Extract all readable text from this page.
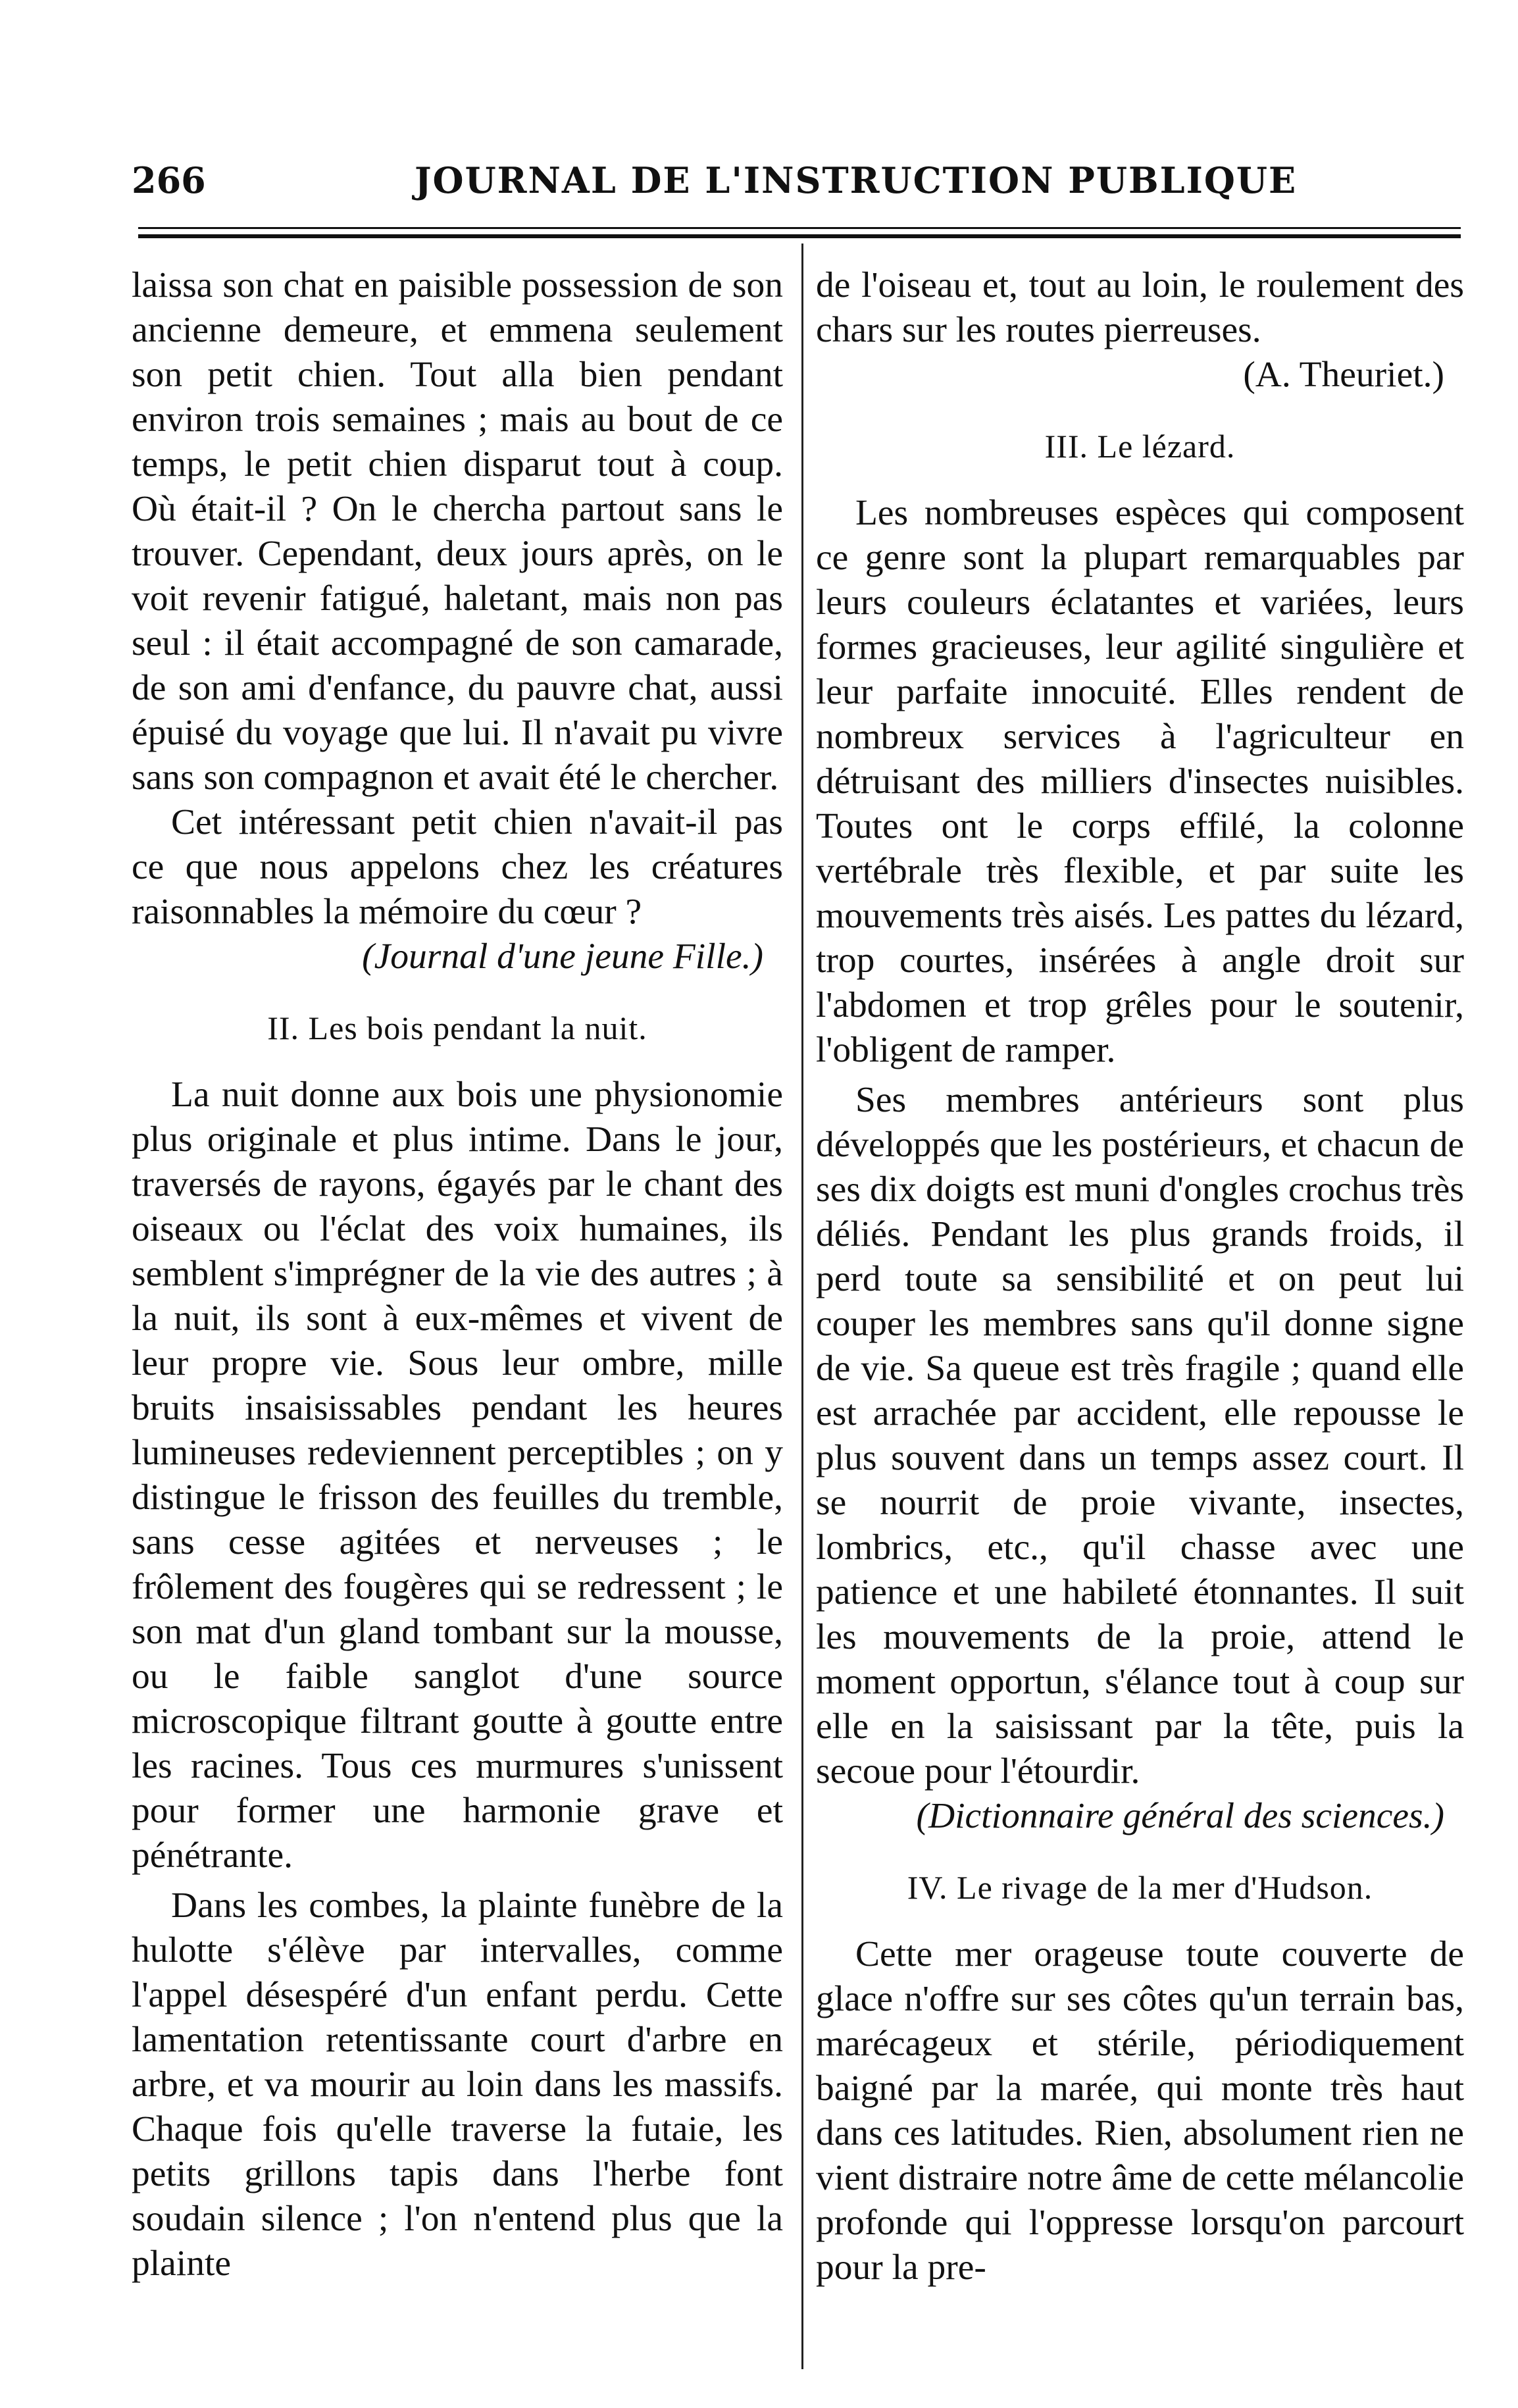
266	JOURNAL DE L'INSTRUCTION PUBLIQUE

laissa son chat en paisible possession de son ancienne demeure, et emmena seulement son petit chien. Tout alla bien pendant environ trois semaines ; mais au bout de ce temps, le petit chien disparut tout à coup. Où était-il ? On le chercha partout sans le trouver. Cependant, deux jours après, on le voit revenir fatigué, haletant, mais non pas seul : il était accompagné de son camarade, de son ami d'enfance, du pauvre chat, aussi épuisé du voyage que lui. Il n'avait pu vivre sans son compagnon et avait été le chercher.

Cet intéressant petit chien n'avait-il pas ce que nous appelons chez les créatures raisonnables la mémoire du cœur ?

(Journal d'une jeune Fille.)

II. Les bois pendant la nuit.

La nuit donne aux bois une physionomie plus originale et plus intime. Dans le jour, traversés de rayons, égayés par le chant des oiseaux ou l'éclat des voix humaines, ils semblent s'imprégner de la vie des autres ; à la nuit, ils sont à eux-mêmes et vivent de leur propre vie. Sous leur ombre, mille bruits insaisissables pendant les heures lumineuses redeviennent perceptibles ; on y distingue le frisson des feuilles du tremble, sans cesse agitées et nerveuses ; le frôlement des fougères qui se redressent ; le son mat d'un gland tombant sur la mousse, ou le faible sanglot d'une source microscopique filtrant goutte à goutte entre les racines. Tous ces murmures s'unissent pour former une harmonie grave et pénétrante.

Dans les combes, la plainte funèbre de la hulotte s'élève par intervalles, comme l'appel désespéré d'un enfant perdu. Cette lamentation retentissante court d'arbre en arbre, et va mourir au loin dans les massifs. Chaque fois qu'elle traverse la futaie, les petits grillons tapis dans l'herbe font soudain silence ; l'on n'entend plus que la plainte

de l'oiseau et, tout au loin, le roulement des chars sur les routes pierreuses.

(A. Theuriet.)

III. Le lézard.

Les nombreuses espèces qui composent ce genre sont la plupart remarquables par leurs couleurs éclatantes et variées, leurs formes gracieuses, leur agilité singulière et leur parfaite innocuité. Elles rendent de nombreux services à l'agriculteur en détruisant des milliers d'insectes nuisibles. Toutes ont le corps effilé, la colonne vertébrale très flexible, et par suite les mouvements très aisés. Les pattes du lézard, trop courtes, insérées à angle droit sur l'abdomen et trop grêles pour le soutenir, l'obligent de ramper.

Ses membres antérieurs sont plus développés que les postérieurs, et chacun de ses dix doigts est muni d'ongles crochus très déliés. Pendant les plus grands froids, il perd toute sa sensibilité et on peut lui couper les membres sans qu'il donne signe de vie. Sa queue est très fragile ; quand elle est arrachée par accident, elle repousse le plus souvent dans un temps assez court. Il se nourrit de proie vivante, insectes, lombrics, etc., qu'il chasse avec une patience et une habileté étonnantes. Il suit les mouvements de la proie, attend le moment opportun, s'élance tout à coup sur elle en la saisissant par la tête, puis la secoue pour l'étourdir.

(Dictionnaire général des sciences.)

IV. Le rivage de la mer d'Hudson.

Cette mer orageuse toute couverte de glace n'offre sur ses côtes qu'un terrain bas, marécageux et stérile, périodiquement baigné par la marée, qui monte très haut dans ces latitudes. Rien, absolument rien ne vient distraire notre âme de cette mélancolie profonde qui l'oppresse lorsqu'on parcourt pour la pre-
